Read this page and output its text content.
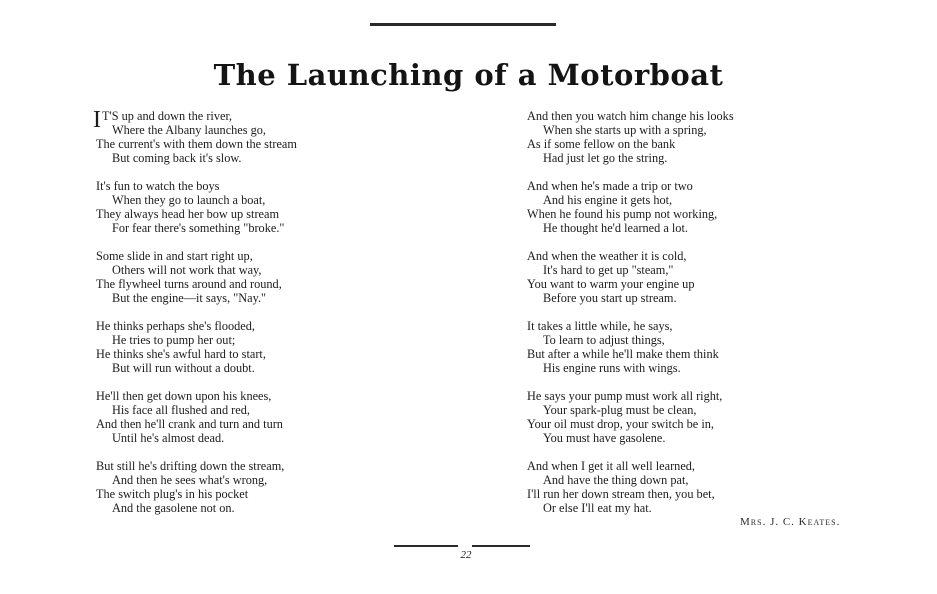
The Launching of a Motorboat
I T'S up and down the river,
Where the Albany launches go,
The current's with them down the stream
But coming back it's slow.
It's fun to watch the boys
When they go to launch a boat,
They always head her bow up stream
For fear there's something "broke."
Some slide in and start right up,
Others will not work that way,
The flywheel turns around and round,
But the engine—it says, "Nay."
He thinks perhaps she's flooded,
He tries to pump her out;
He thinks she's awful hard to start,
But will run without a doubt.
He'll then get down upon his knees,
His face all flushed and red,
And then he'll crank and turn and turn
Until he's almost dead.
But still he's drifting down the stream,
And then he sees what's wrong,
The switch plug's in his pocket
And the gasolene not on.
And then you watch him change his looks
When she starts up with a spring,
As if some fellow on the bank
Had just let go the string.
And when he's made a trip or two
And his engine it gets hot,
When he found his pump not working,
He thought he'd learned a lot.
And when the weather it is cold,
It's hard to get up "steam,"
You want to warm your engine up
Before you start up stream.
It takes a little while, he says,
To learn to adjust things,
But after a while he'll make them think
His engine runs with wings.
He says your pump must work all right,
Your spark-plug must be clean,
Your oil must drop, your switch be in,
You must have gasolene.
And when I get it all well learned,
And have the thing down pat,
I'll run her down stream then, you bet,
Or else I'll eat my hat.
Mrs. J. C. Keates.
22
